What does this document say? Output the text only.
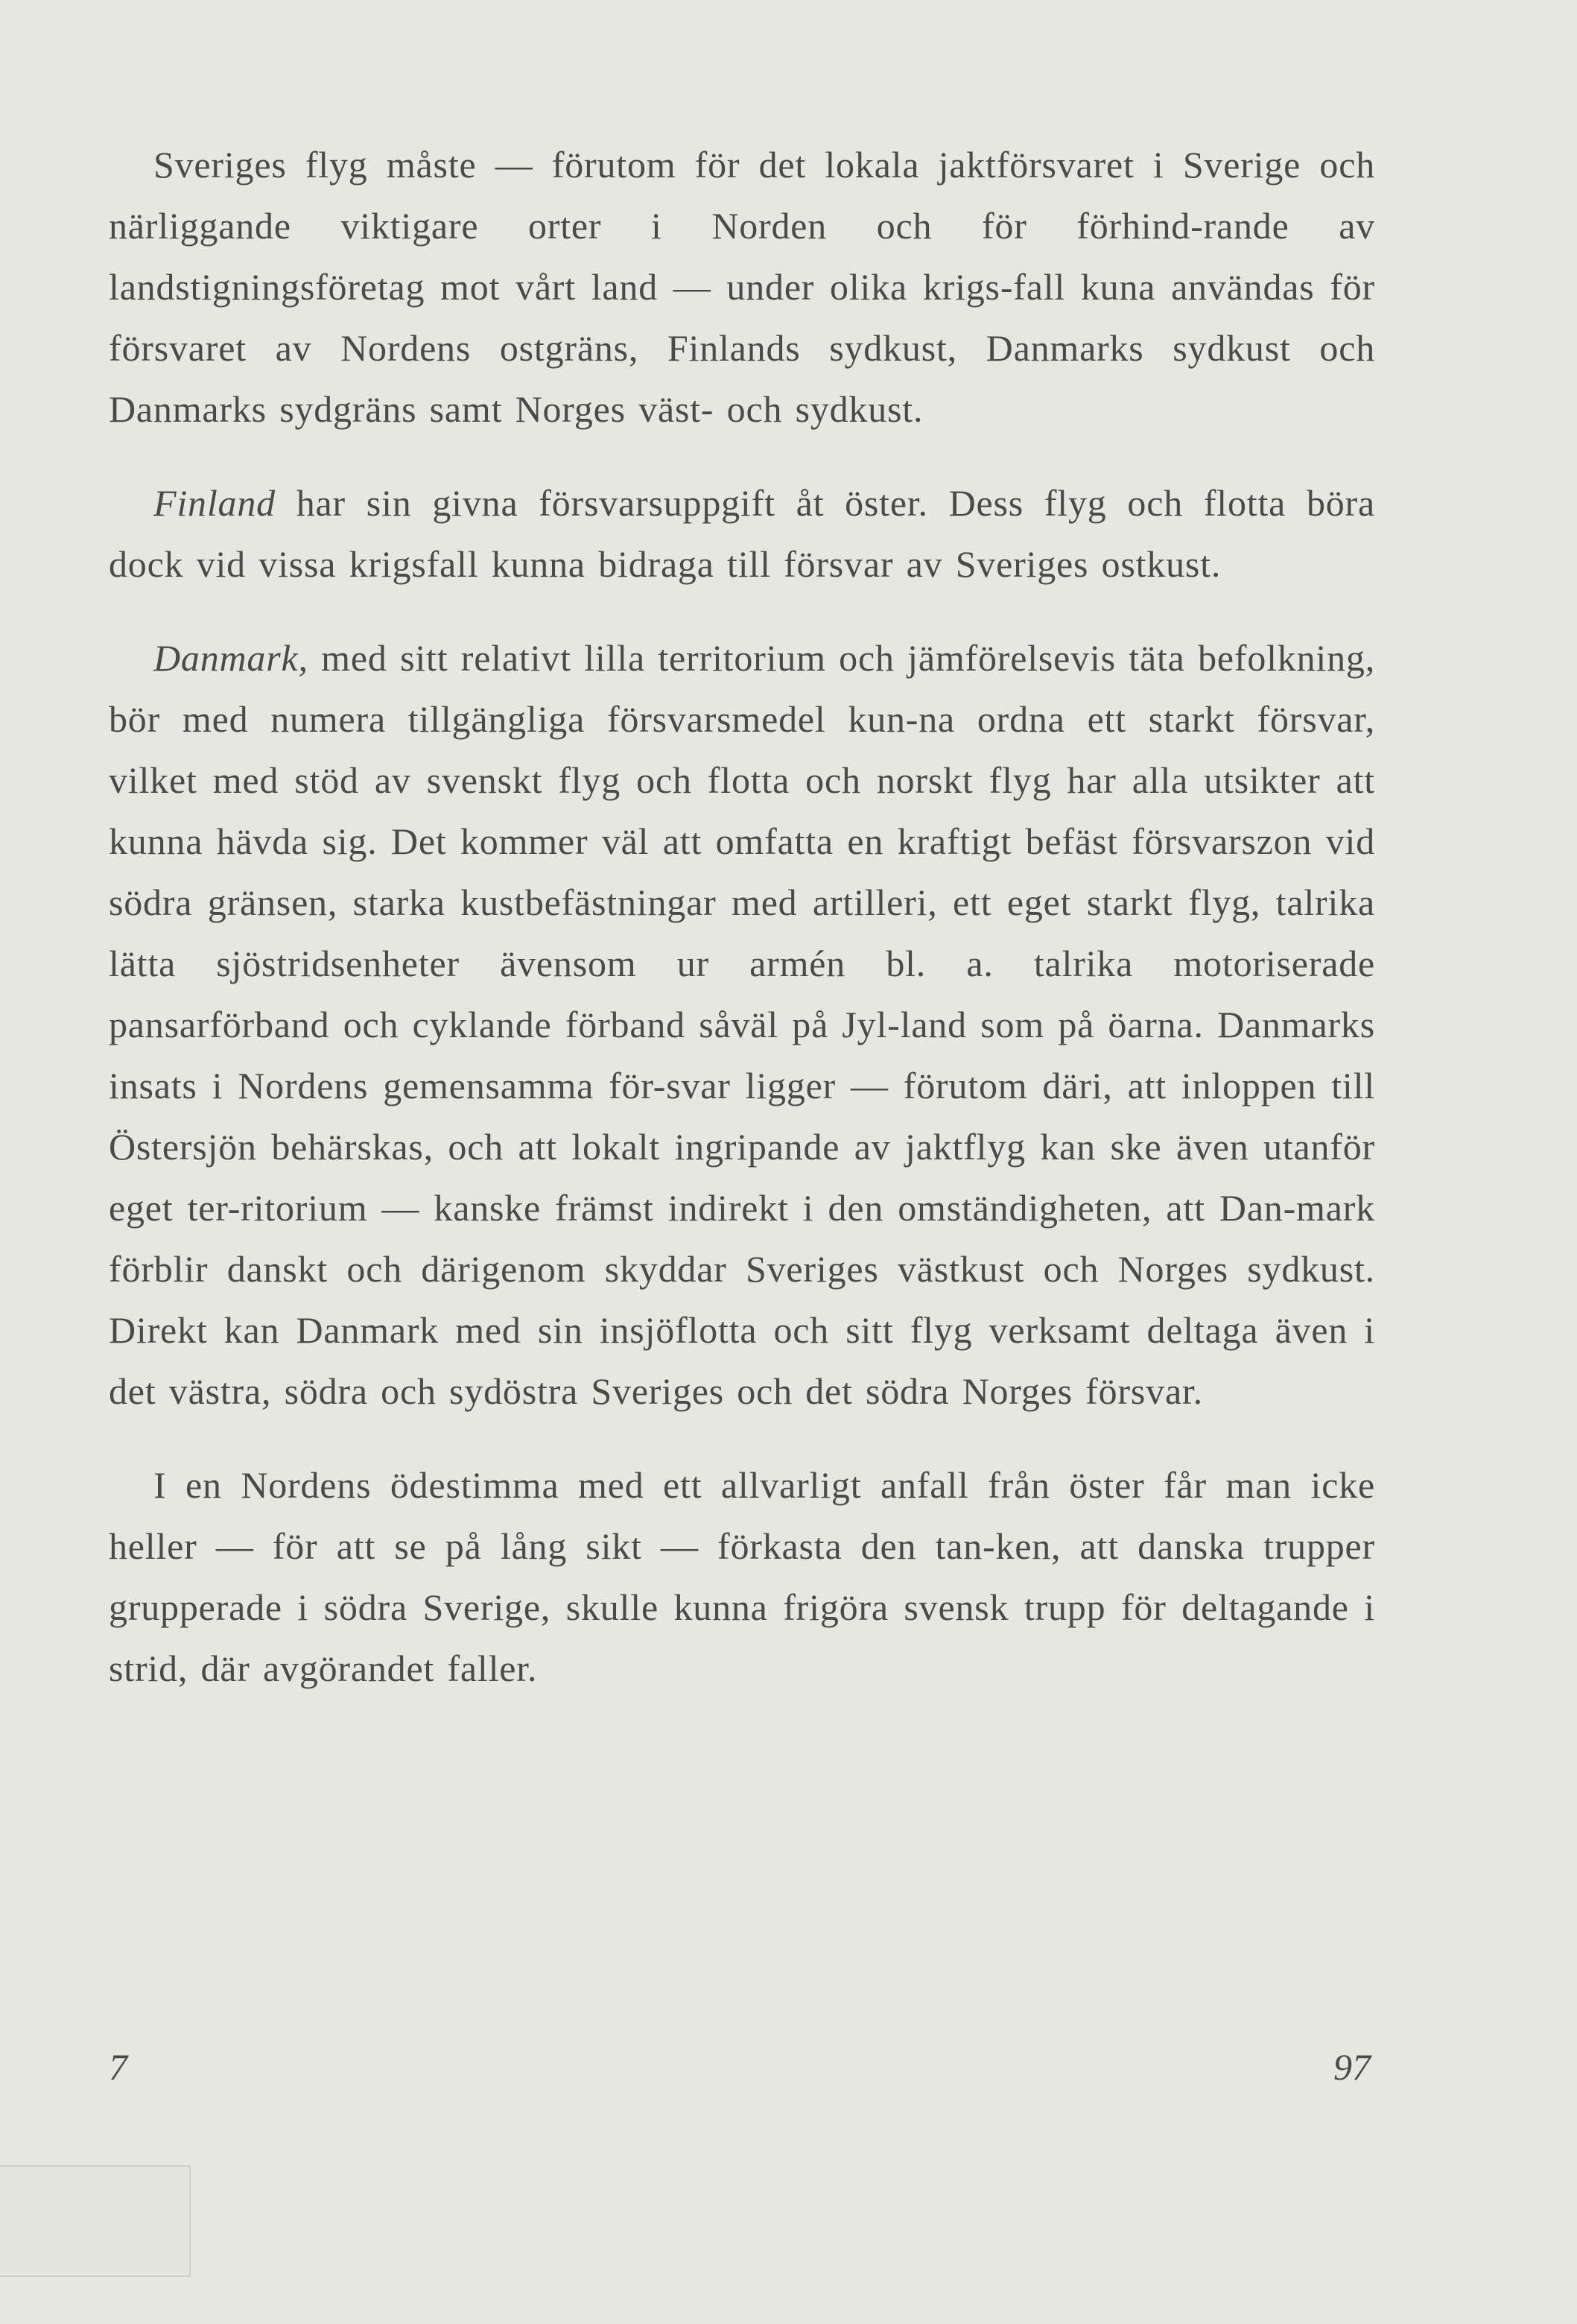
Sveriges flyg måste — förutom för det lokala jaktförsvaret i Sverige och närliggande viktigare orter i Norden och för förhind-rande av landstigningsföretag mot vårt land — under olika krigs-fall kuna användas för försvaret av Nordens ostgräns, Finlands sydkust, Danmarks sydkust och Danmarks sydgräns samt Norges väst- och sydkust.

Finland har sin givna försvarsuppgift åt öster. Dess flyg och flotta böra dock vid vissa krigsfall kunna bidraga till försvar av Sveriges ostkust.

Danmark, med sitt relativt lilla territorium och jämförelsevis täta befolkning, bör med numera tillgängliga försvarsmedel kun-na ordna ett starkt försvar, vilket med stöd av svenskt flyg och flotta och norskt flyg har alla utsikter att kunna hävda sig. Det kommer väl att omfatta en kraftigt befäst försvarszon vid södra gränsen, starka kustbefästningar med artilleri, ett eget starkt flyg, talrika lätta sjöstridsenheter ävensom ur armén bl. a. talrika motoriserade pansarförband och cyklande förband såväl på Jyl-land som på öarna. Danmarks insats i Nordens gemensamma för-svar ligger — förutom däri, att inloppen till Östersjön behärskas, och att lokalt ingripande av jaktflyg kan ske även utanför eget ter-ritorium — kanske främst indirekt i den omständigheten, att Dan-mark förblir danskt och därigenom skyddar Sveriges västkust och Norges sydkust. Direkt kan Danmark med sin insjöflotta och sitt flyg verksamt deltaga även i det västra, södra och sydöstra Sveriges och det södra Norges försvar.

I en Nordens ödestimma med ett allvarligt anfall från öster får man icke heller — för att se på lång sikt — förkasta den tan-ken, att danska trupper grupperade i södra Sverige, skulle kunna frigöra svensk trupp för deltagande i strid, där avgörandet faller.

7	97
